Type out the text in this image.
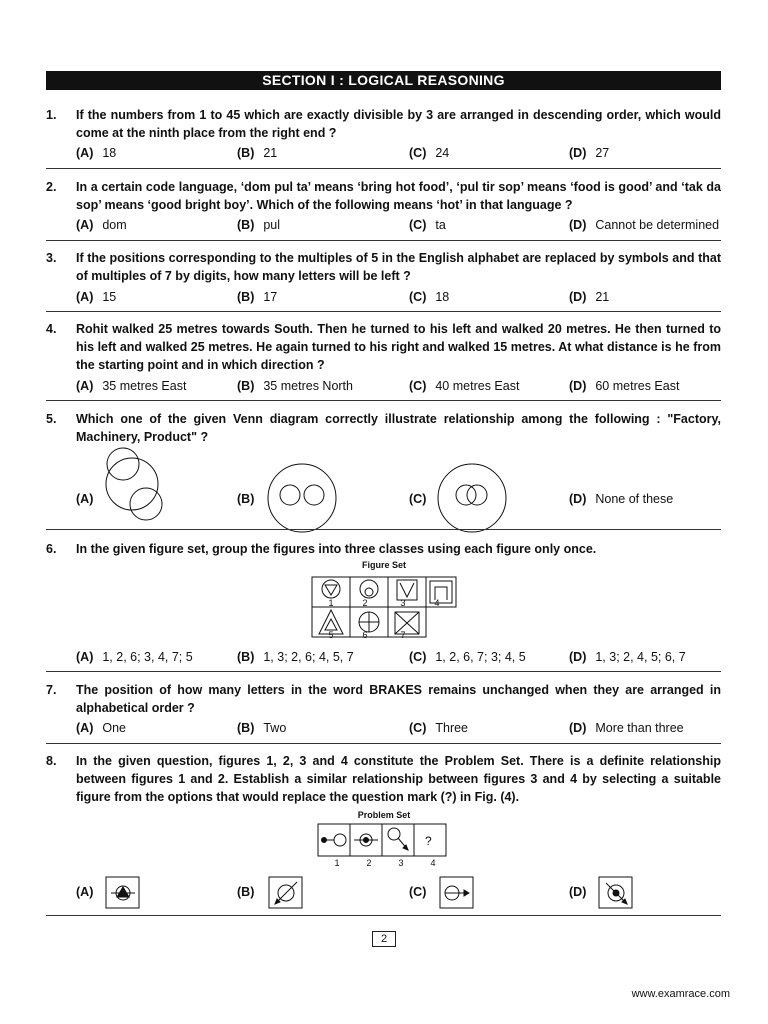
SECTION I : LOGICAL REASONING
1. If the numbers from 1 to 45 which are exactly divisible by 3 are arranged in descending order, which would come at the ninth place from the right end ?
(A) 18	(B) 21	(C) 24	(D) 27
2. In a certain code language, ‘dom pul ta’ means ‘bring hot food’, ‘pul tir sop’ means ‘food is good’ and ‘tak da sop’ means ‘good bright boy’. Which of the following means ‘hot’ in that language ?
(A) dom	(B) pul	(C) ta	(D) Cannot be determined
3. If the positions corresponding to the multiples of 5 in the English alphabet are replaced by symbols and that of multiples of 7 by digits, how many letters will be left ?
(A) 15	(B) 17	(C) 18	(D) 21
4. Rohit walked 25 metres towards South. Then he turned to his left and walked 20 metres. He then turned to his left and walked 25 metres. He again turned to his right and walked 15 metres. At what distance is he from the starting point and in which direction ?
(A) 35 metres East	(B) 35 metres North	(C) 40 metres East	(D) 60 metres East
5. Which one of the given Venn diagram correctly illustrate relationship among the following : "Factory, Machinery, Product" ?
(A)	(B)	(C)	(D) None of these
6. In the given figure set, group the figures into three classes using each figure only once.
(A) 1, 2, 6; 3, 4, 7; 5	(B) 1, 3; 2, 6; 4, 5, 7	(C) 1, 2, 6, 7; 3; 4, 5	(D) 1, 3; 2, 4, 5; 6, 7
Figure Set
1	2	3	4
5	6	7
7. The position of how many letters in the word BRAKES remains unchanged when they are arranged in alphabetical order ?
(A) One	(B) Two	(C) Three	(D) More than three
8. In the given question, figures 1, 2, 3 and 4 constitute the Problem Set. There is a definite relationship between figures 1 and 2. Establish a similar relationship between figures 3 and 4 by selecting a suitable figure from the options that would replace the question mark (?) in Fig. (4).
(A)	(B)	(C)	(D)
Problem Set
?
1	2	3	4
2
www.examrace.com
